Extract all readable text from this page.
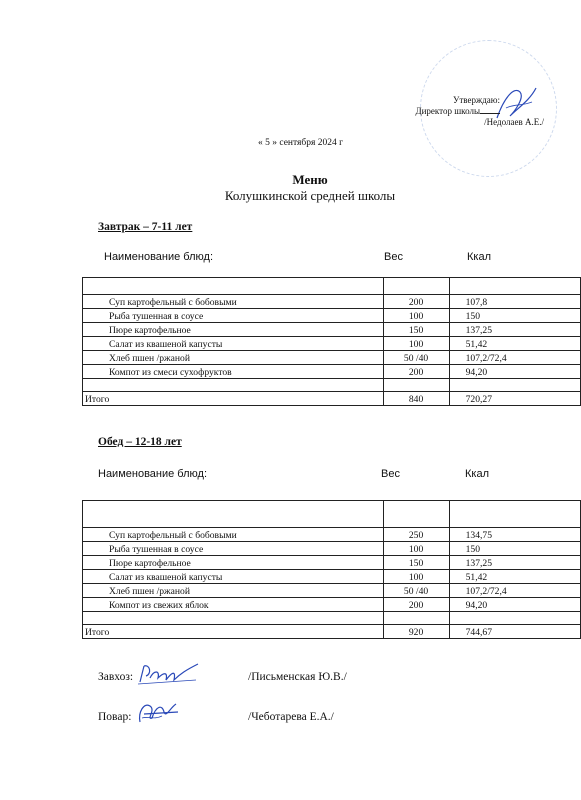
Утверждаю:
Директор школы
/Недолаев А.Е./
« 5 » сентября 2024 г
Меню
Колушкинской средней школы
Завтрак – 7-11 лет
Наименование блюд:	Вес	Ккал

Суп картофельный с бобовыми	200	107,8
Рыба тушенная в соусе	100	150
Пюре картофельное	150	137,25
Салат из квашеной капусты	100	51,42
Хлеб пшен /ржаной	50 /40	107,2/72,4
Компот из смеси сухофруктов	200	94,20

Итого	840	720,27
Обед – 12-18 лет
Наименование блюд:	Вес	Ккал

Суп картофельный с бобовыми	250	134,75
Рыба тушенная в соусе	100	150
Пюре картофельное	150	137,25
Салат из квашеной капусты	100	51,42
Хлеб пшен /ржаной	50 /40	107,2/72,4
Компот из свежих яблок	200	94,20

Итого	920	744,67
Завхоз:	/Письменская Ю.В./
Повар:	/Чеботарева Е.А./
